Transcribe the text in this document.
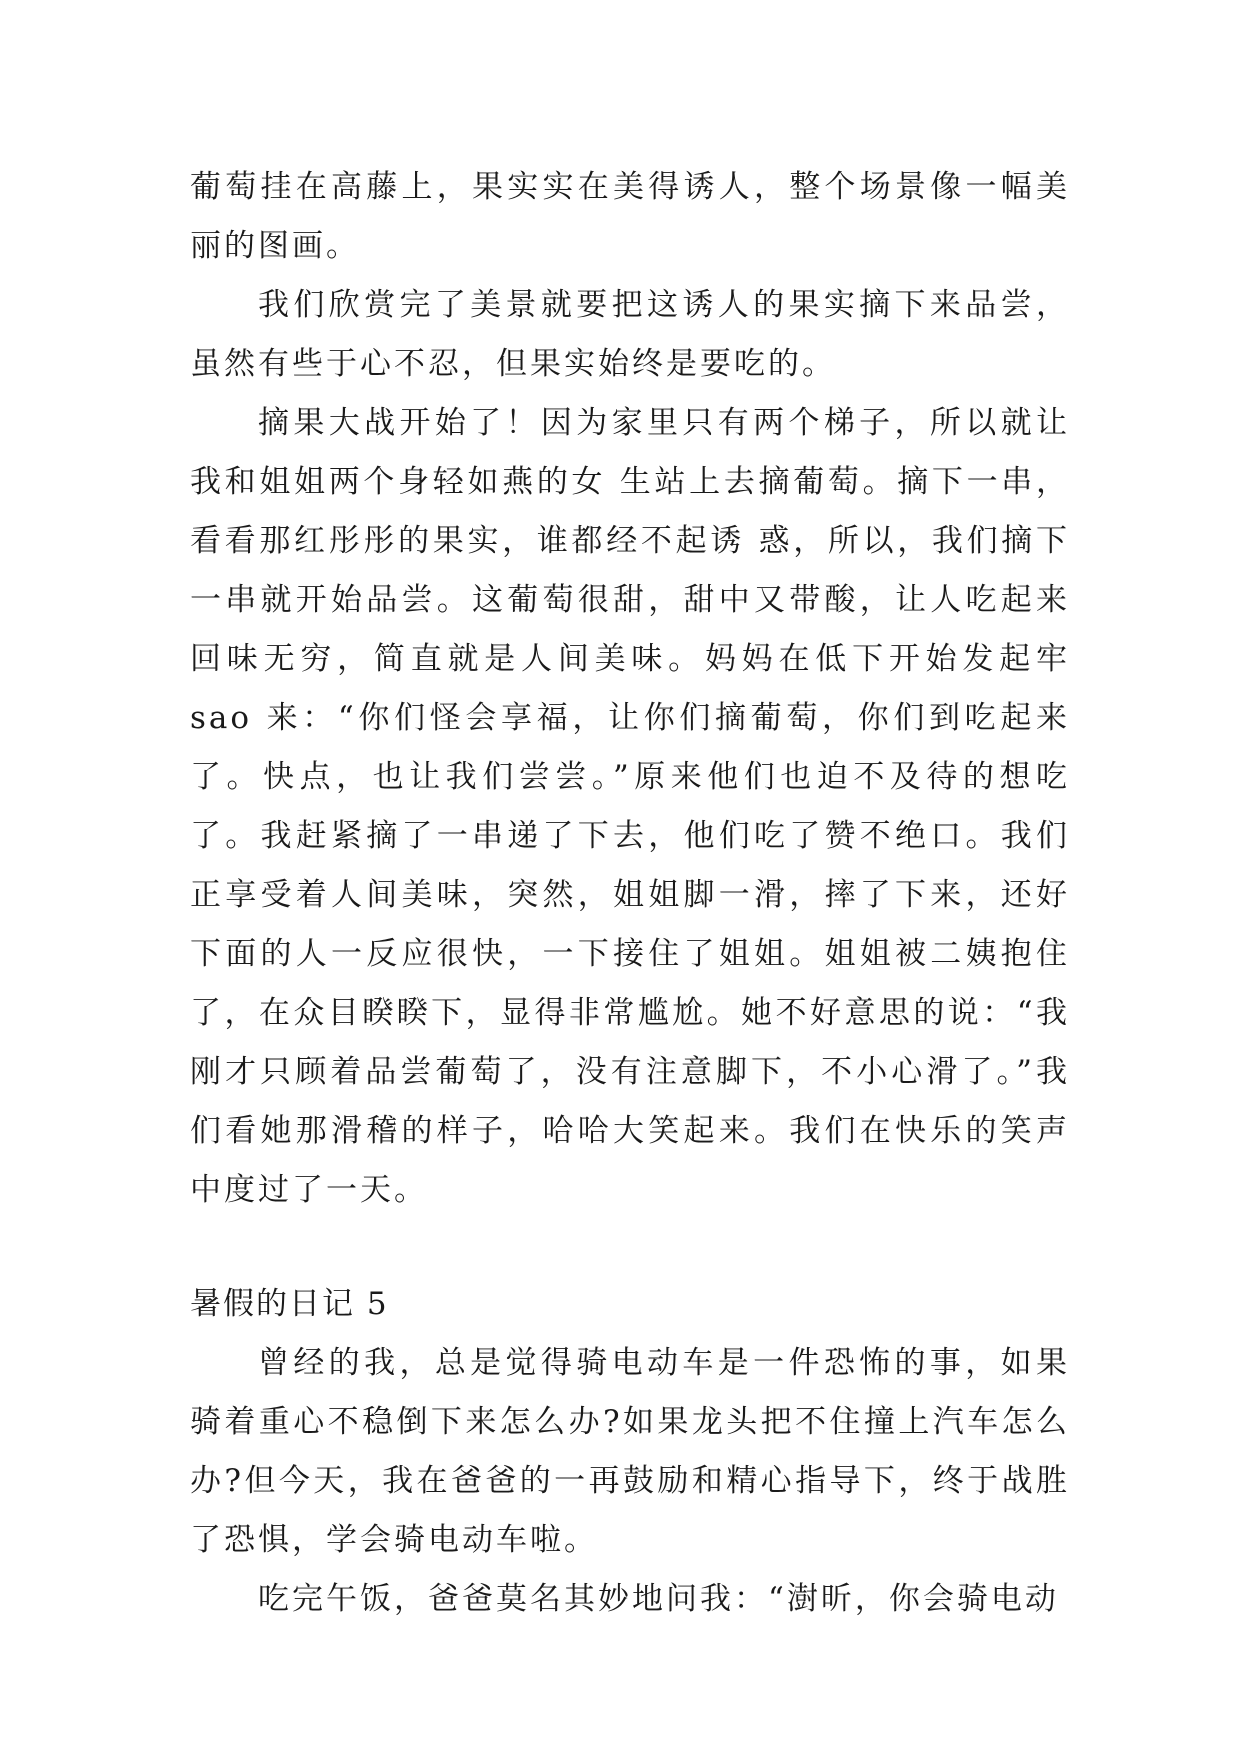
葡萄挂在高藤上，果实实在美得诱人，整个场景像一幅美丽的图画。

我们欣赏完了美景就要把这诱人的果实摘下来品尝，虽然有些于心不忍，但果实始终是要吃的。

摘果大战开始了！因为家里只有两个梯子，所以就让我和姐姐两个身轻如燕的女 生站上去摘葡萄。摘下一串，看看那红彤彤的果实，谁都经不起诱 惑，所以，我们摘下一串就开始品尝。这葡萄很甜，甜中又带酸，让人吃起来回味无穷，简直就是人间美味。妈妈在低下开始发起牢 sao 来：“你们怪会享福，让你们摘葡萄，你们到吃起来了。快点，也让我们尝尝。”原来他们也迫不及待的想吃了。我赶紧摘了一串递了下去，他们吃了赞不绝口。我们正享受着人间美味，突然，姐姐脚一滑，摔了下来，还好下面的人一反应很快，一下接住了姐姐。姐姐被二姨抱住了，在众目睽睽下，显得非常尴尬。她不好意思的说：“我刚才只顾着品尝葡萄了，没有注意脚下，不小心滑了。”我们看她那滑稽的样子，哈哈大笑起来。我们在快乐的笑声中度过了一天。

暑假的日记 5

曾经的我，总是觉得骑电动车是一件恐怖的事，如果骑着重心不稳倒下来怎么办?如果龙头把不住撞上汽车怎么办?但今天，我在爸爸的一再鼓励和精心指导下，终于战胜了恐惧，学会骑电动车啦。

吃完午饭，爸爸莫名其妙地问我：“澍昕，你会骑电动
